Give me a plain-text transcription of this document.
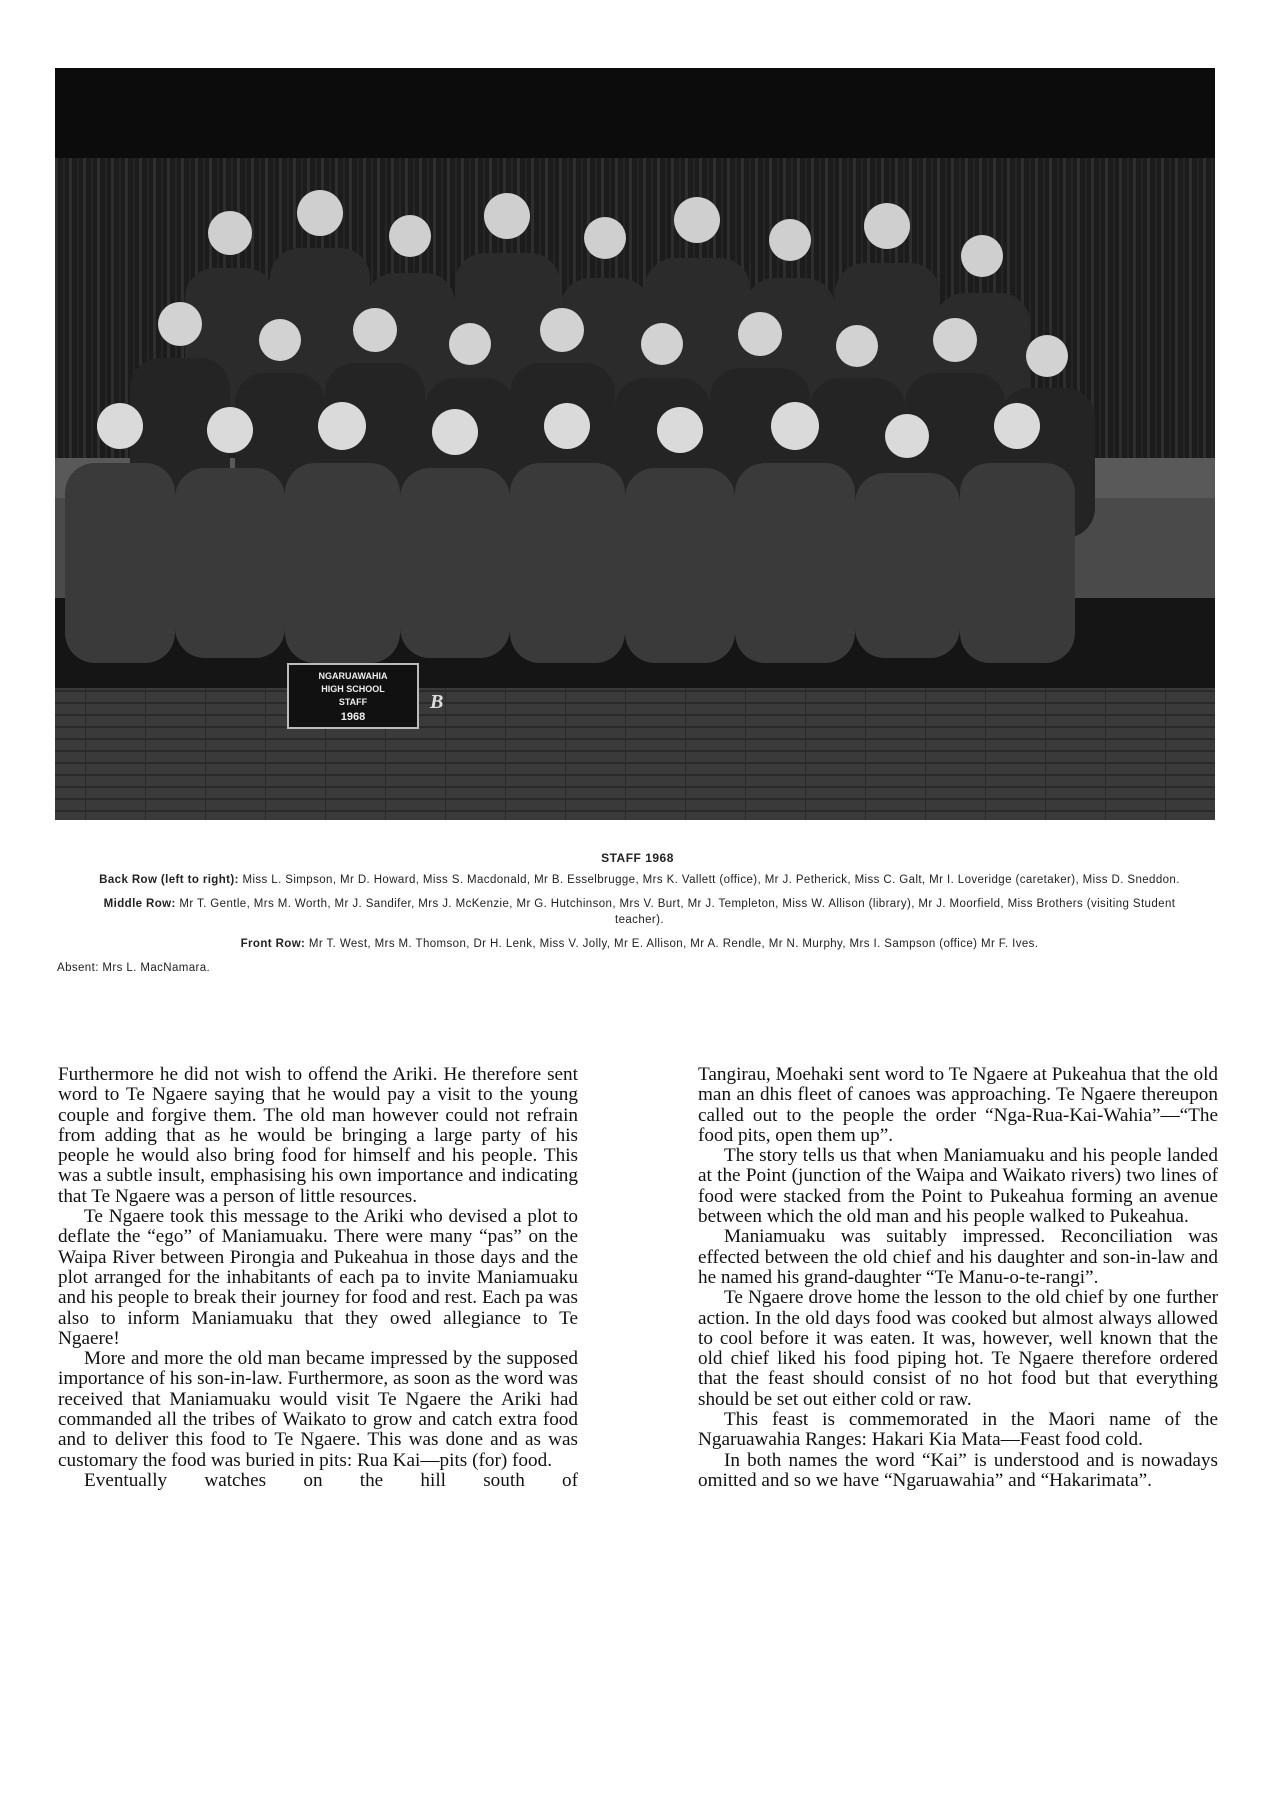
NGARUAWAHIA
HIGH SCHOOL
STAFF
1968
B
STAFF 1968
Back Row (left to right): Miss L. Simpson, Mr D. Howard, Miss S. Macdonald, Mr B. Esselbrugge, Mrs K. Vallett (office), Mr J. Petherick, Miss C. Galt, Mr I. Loveridge (caretaker), Miss D. Sneddon.
Middle Row: Mr T. Gentle, Mrs M. Worth, Mr J. Sandifer, Mrs J. McKenzie, Mr G. Hutchinson, Mrs V. Burt, Mr J. Templeton, Miss W. Allison (library), Mr J. Moorfield, Miss Brothers (visiting Student teacher).
Front Row: Mr T. West, Mrs M. Thomson, Dr H. Lenk, Miss V. Jolly, Mr E. Allison, Mr A. Rendle, Mr N. Murphy, Mrs I. Sampson (office) Mr F. Ives.
Absent: Mrs L. MacNamara.

Furthermore he did not wish to offend the Ariki. He therefore sent word to Te Ngaere saying that he would pay a visit to the young couple and forgive them. The old man however could not refrain from adding that as he would be bringing a large party of his people he would also bring food for himself and his people. This was a subtle insult, emphasising his own importance and indicating that Te Ngaere was a person of little resources.

Te Ngaere took this message to the Ariki who devised a plot to deflate the “ego” of Maniamuaku. There were many “pas” on the Waipa River between Pirongia and Pukeahua in those days and the plot arranged for the inhabitants of each pa to invite Maniamuaku and his people to break their journey for food and rest. Each pa was also to inform Maniamuaku that they owed allegiance to Te Ngaere!

More and more the old man became impressed by the supposed importance of his son-in-law. Furthermore, as soon as the word was received that Maniamuaku would visit Te Ngaere the Ariki had commanded all the tribes of Waikato to grow and catch extra food and to deliver this food to Te Ngaere. This was done and as was customary the food was buried in pits: Rua Kai—pits (for) food.

Eventually watches on the hill south of

Tangirau, Moehaki sent word to Te Ngaere at Pukeahua that the old man an dhis fleet of canoes was approaching. Te Ngaere thereupon called out to the people the order “Nga-Rua-Kai-Wahia”—“The food pits, open them up”.

The story tells us that when Maniamuaku and his people landed at the Point (junction of the Waipa and Waikato rivers) two lines of food were stacked from the Point to Pukeahua forming an avenue between which the old man and his people walked to Pukeahua.

Maniamuaku was suitably impressed. Reconciliation was effected between the old chief and his daughter and son-in-law and he named his grand-daughter “Te Manu-o-te-rangi”.

Te Ngaere drove home the lesson to the old chief by one further action. In the old days food was cooked but almost always allowed to cool before it was eaten. It was, however, well known that the old chief liked his food piping hot. Te Ngaere therefore ordered that the feast should consist of no hot food but that everything should be set out either cold or raw.

This feast is commemorated in the Maori name of the Ngaruawahia Ranges: Hakari Kia Mata—Feast food cold.

In both names the word “Kai” is understood and is nowadays omitted and so we have “Ngaruawahia” and “Hakarimata”.
